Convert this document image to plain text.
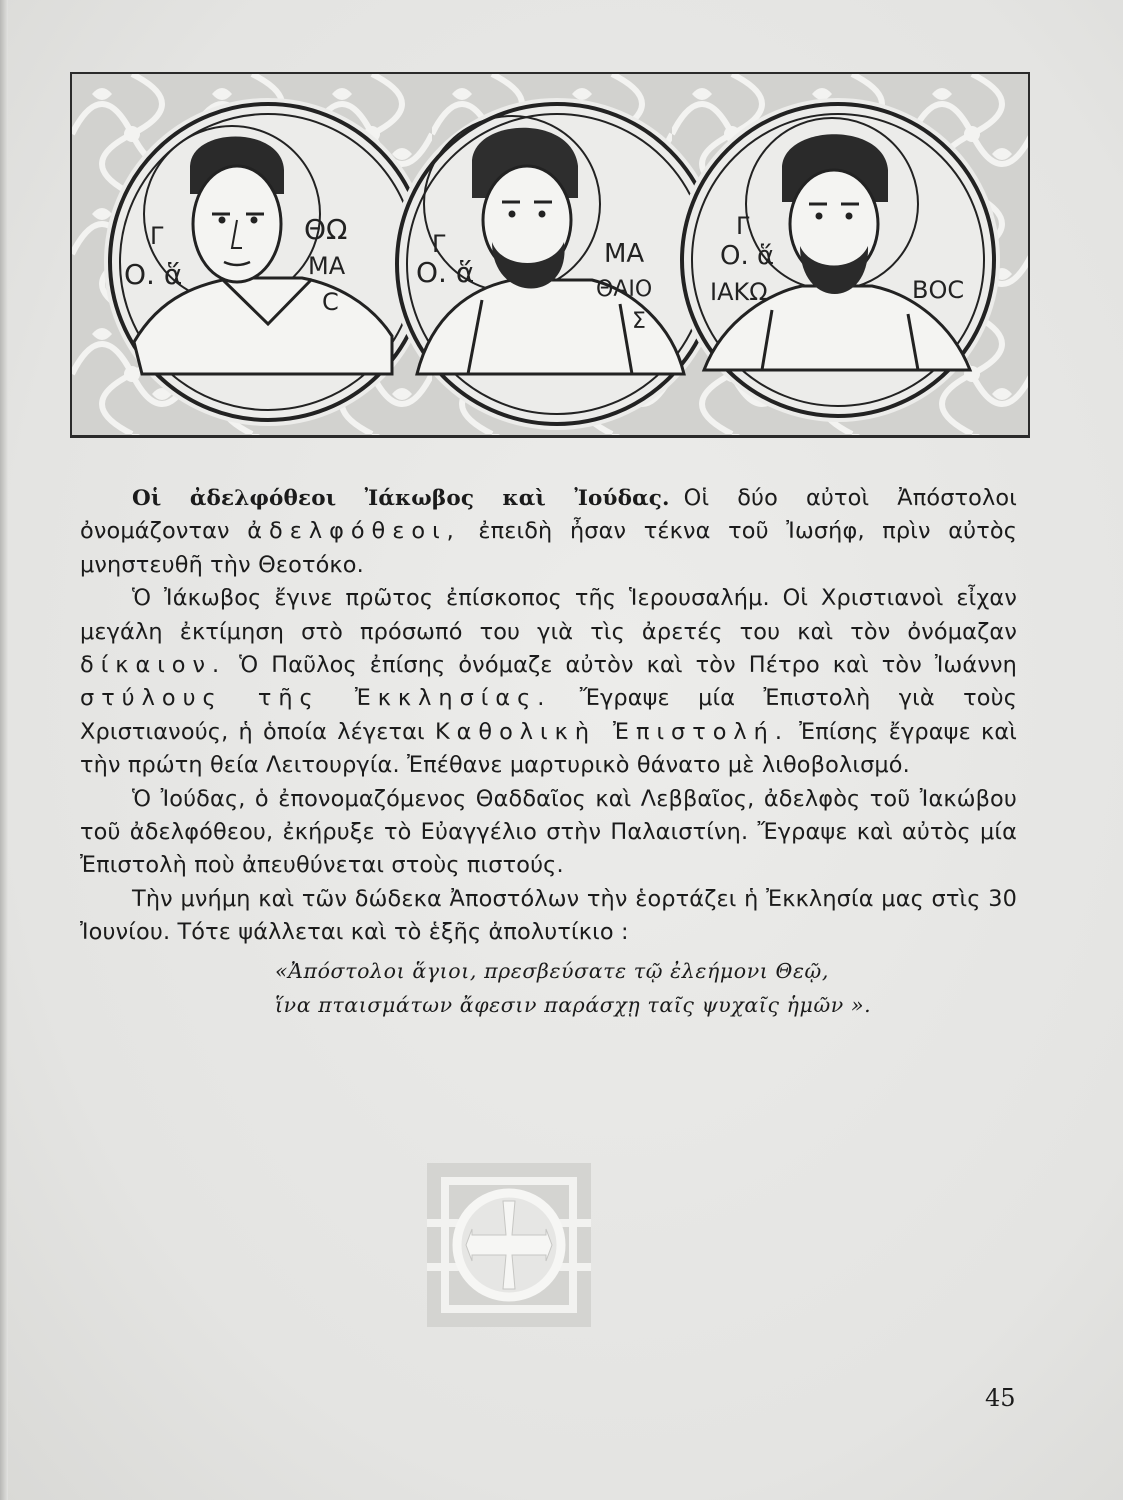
Γ
Ο. ἅ
ΘΩ
ΜΑ
C
Γ
Ο. ἅ
ΜΑ
ΘΑΙΟ
Σ
Γ
Ο. ἅ
ΙΑΚΩ	ΒΟC

Οἱ ἀδελφόθεοι Ἰάκωβος καὶ Ἰούδας. Οἱ δύο αὐτοὶ Ἀπόστολοι ὀνομάζονταν ἀδελφόθεοι, ἐπειδὴ ἦσαν τέκνα τοῦ Ἰωσήφ, πρὶν αὐτὸς μνηστευθῆ τὴν Θεοτόκο.

Ὁ Ἰάκωβος ἔγινε πρῶτος ἐπίσκοπος τῆς Ἱερουσαλήμ. Οἱ Χριστιανοὶ εἶχαν μεγάλη ἐκτίμηση στὸ πρόσωπό του γιὰ τὶς ἀρετές του καὶ τὸν ὀνόμαζαν δίκαιον. Ὁ Παῦλος ἐπίσης ὀνόμαζε αὐτὸν καὶ τὸν Πέτρο καὶ τὸν Ἰωάννη στύλους τῆς Ἐκκλησίας. Ἔγραψε μία Ἐπιστολὴ γιὰ τοὺς Χριστιανούς, ἡ ὁποία λέγεται Καθολικὴ Ἐπιστολή. Ἐπίσης ἔγραψε καὶ τὴν πρώτη θεία Λειτουργία. Ἐπέθανε μαρτυρικὸ θάνατο μὲ λιθοβολισμό.

Ὁ Ἰούδας, ὁ ἐπονομαζόμενος Θαδδαῖος καὶ Λεββαῖος, ἀδελφὸς τοῦ Ἰακώβου τοῦ ἀδελφόθεου, ἐκήρυξε τὸ Εὐαγγέλιο στὴν Παλαιστίνη. Ἔγραψε καὶ αὐτὸς μία Ἐπιστολὴ ποὺ ἀπευθύνεται στοὺς πιστούς.

Τὴν μνήμη καὶ τῶν δώδεκα Ἀποστόλων τὴν ἑορτάζει ἡ Ἐκκλησία μας στὶς 30 Ἰουνίου. Τότε ψάλλεται καὶ τὸ ἑξῆς ἀπολυτίκιο :

«Ἀπόστολοι ἅγιοι, πρεσβεύσατε τῷ ἐλεήμονι Θεῷ,
ἵνα πταισμάτων ἄφεσιν παράσχῃ ταῖς ψυχαῖς ἡμῶν ».
45
